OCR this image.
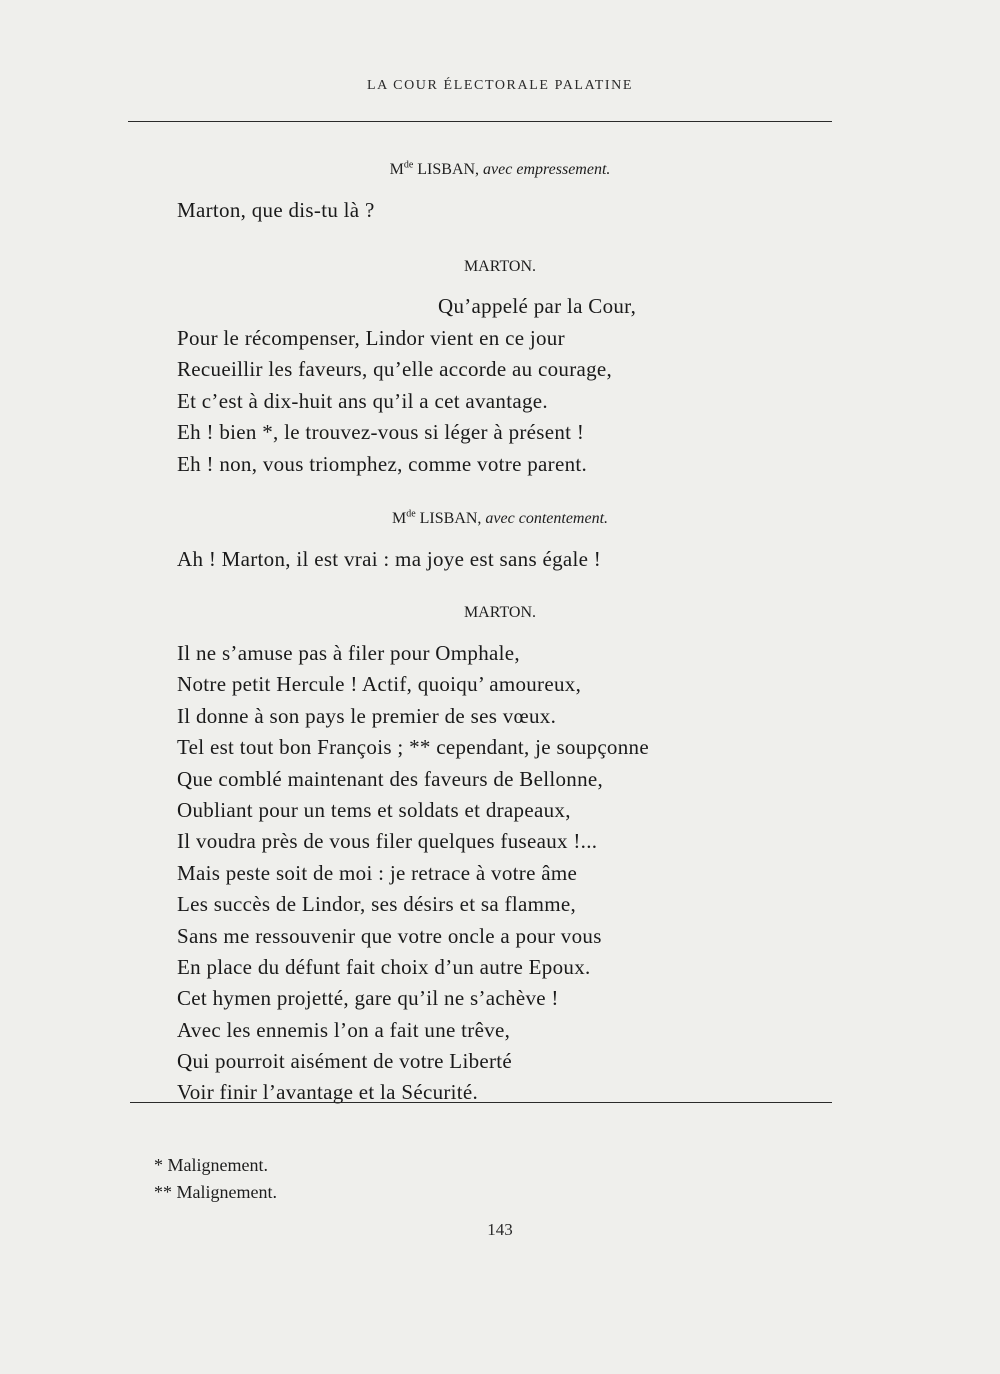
LA COUR ÉLECTORALE PALATINE
Mde LISBAN, avec empressement.
Marton, que dis-tu là ?
MARTON.
Qu’appelé par la Cour,
Pour le récompenser, Lindor vient en ce jour
Recueillir les faveurs, qu’elle accorde au courage,
Et c’est à dix-huit ans qu’il a cet avantage.
Eh ! bien *, le trouvez-vous si léger à présent !
Eh ! non, vous triomphez, comme votre parent.
Mde LISBAN, avec contentement.
Ah ! Marton, il est vrai : ma joye est sans égale !
MARTON.
Il ne s’amuse pas à filer pour Omphale,
Notre petit Hercule ! Actif, quoiqu’ amoureux,
Il donne à son pays le premier de ses vœux.
Tel est tout bon François ; ** cependant, je soupçonne
Que comblé maintenant des faveurs de Bellonne,
Oubliant pour un tems et soldats et drapeaux,
Il voudra près de vous filer quelques fuseaux !...
Mais peste soit de moi : je retrace à votre âme
Les succès de Lindor, ses désirs et sa flamme,
Sans me ressouvenir que votre oncle a pour vous
En place du défunt fait choix d’un autre Epoux.
Cet hymen projetté, gare qu’il ne s’achève !
Avec les ennemis l’on a fait une trêve,
Qui pourroit aisément de votre Liberté
Voir finir l’avantage et la Sécurité.
* Malignement.
** Malignement.
143
